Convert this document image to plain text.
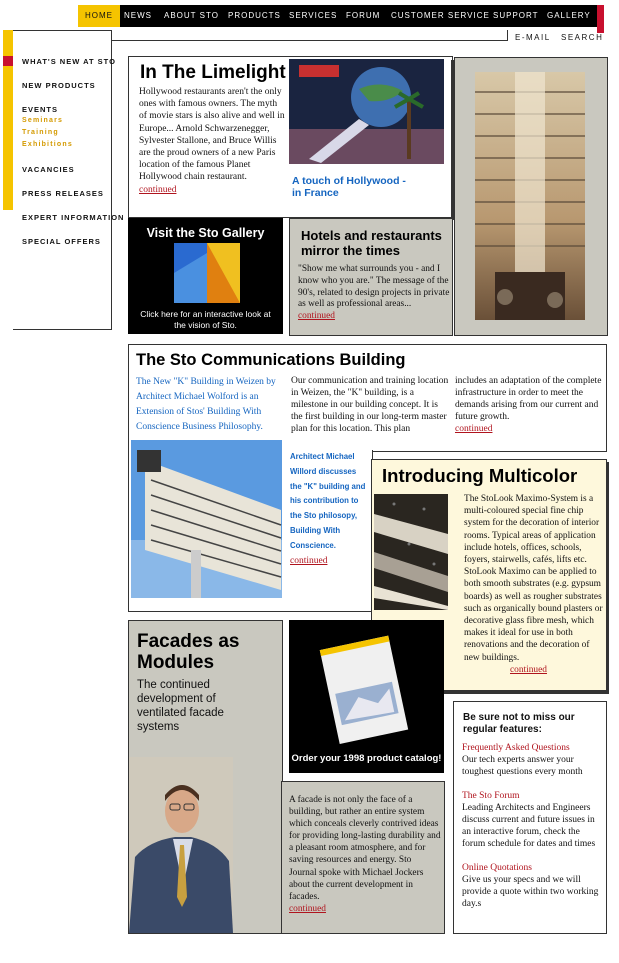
HOME	NEWS ABOUT STO PRODUCTS SERVICES FORUM CUSTOMER SERVICE SUPPORT GALLERY
E-MAIL SEARCH
WHAT'S NEW AT STO
NEW PRODUCTS
EVENTS
Seminars
Training
Exhibitions
VACANCIES
PRESS RELEASES
EXPERT INFORMATION
SPECIAL OFFERS
In The Limelight
Hollywood restaurants aren't the only ones with famous owners. The myth of movie stars is also alive and well in Europe... Arnold Schwarzenegger, Sylvester Stallone, and Bruce Willis are the proud owners of a new Paris location of the famous Planet Hollywood chain restaurant.
continued
A touch of Hollywood - in France
Visit the Sto Gallery
Click here for an interactive look at the vision of Sto.
Hotels and restaurants mirror the times
"Show me what surrounds you - and I know who you are." The message of the 90's, related to design projects in private as well as professional areas...
continued
The Sto Communications Building
The New "K" Building in Weizen by Architect Michael Wolford is an Extension of Stos' Building With Conscience Business Philosophy.
Our communication and training location in Weizen, the "K" building, is a milestone in our building concept. It is the first building in our long-term master plan for this location. This plan
includes an adaptation of the complete infrastructure in order to meet the demands arising from our current and future growth.
continued
Architect Michael Willord discusses the "K" building and his contribution to the Sto philosopy, Building With Conscience.
continued
Introducing Multicolor
The StoLook Maximo-System is a multi-coloured special fine chip system for the decoration of interior rooms. Typical areas of application include hotels, offices, schools, foyers, stairwells, cafés, lifts etc. StoLook Maximo can be applied to both smooth substrates (e.g. gypsum boards) as well as rougher substrates such as organically bound plasters or decorative glass fibre mesh, which makes it ideal for use in both renovations and the decoration of new buildings. continued
Facades as Modules
The continued development of ventilated facade systems
Order your 1998 product catalog!
A facade is not only the face of a building, but rather an entire system which conceals cleverly contrived ideas for providing long-lasting durability and a pleasant room atmosphere, and for saving resources and energy. Sto Journal spoke with Michael Jockers about the current development in facades.
continued
Be sure not to miss our regular features:
Frequently Asked Questions
Our tech experts answer your toughest questions every month

The Sto Forum
Leading Architects and Engineers discuss current and future issues in an interactive forum, check the forum schedule for dates and times

Online Quotations
Give us your specs and we will provide a quote within two working day.s
